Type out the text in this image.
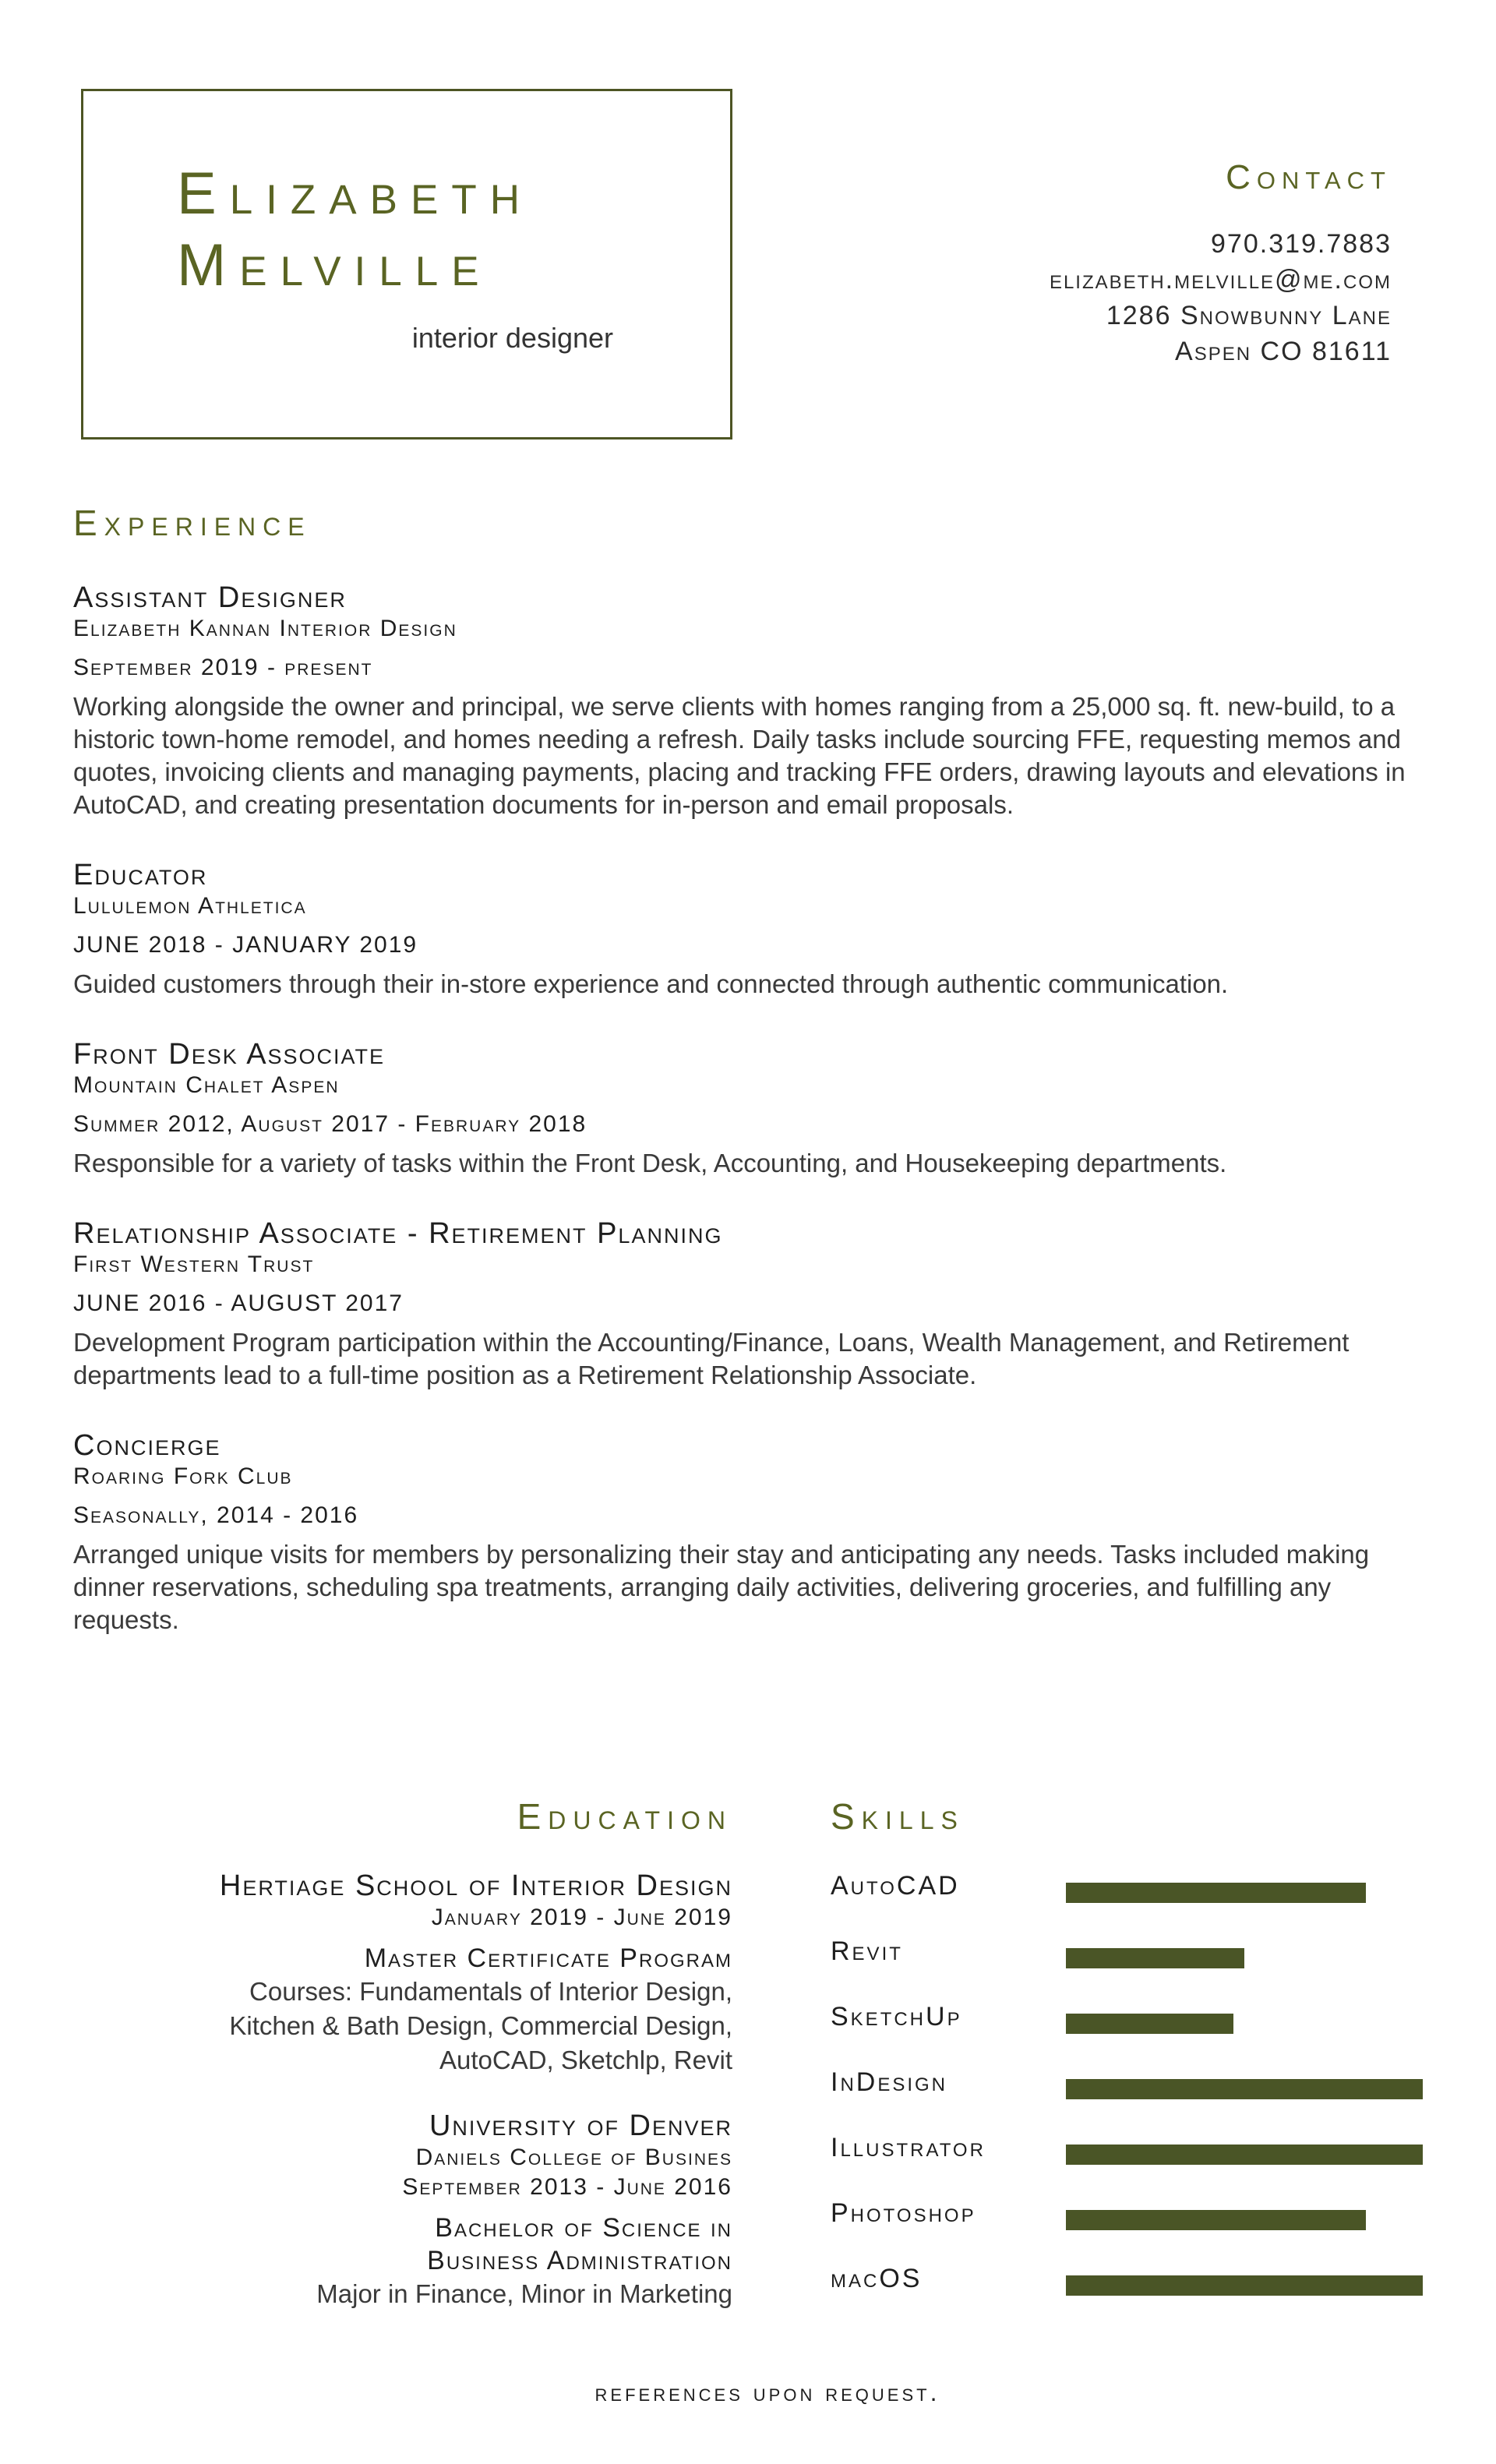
Elizabeth
Melville
interior designer
Contact
970.319.7883
elizabeth.melville@me.com
1286 Snowbunny Lane
Aspen CO 81611
Experience
Assistant Designer
Elizabeth Kannan Interior Design
September 2019 - present
Working alongside the owner and principal, we serve clients with homes ranging from a 25,000 sq. ft. new-build, to a historic town-home remodel, and homes needing a refresh. Daily tasks include sourcing FFE, requesting memos and quotes, invoicing clients and managing payments, placing and tracking FFE orders, drawing layouts and elevations in AutoCAD, and creating presentation documents for in-person and email proposals.
Educator
Lululemon Athletica
JUNE 2018 - JANUARY 2019
Guided customers through their in-store experience and connected through authentic communication.
Front Desk Associate
Mountain Chalet Aspen
Summer 2012, August 2017 - February 2018
Responsible for a variety of tasks within the Front Desk, Accounting, and Housekeeping departments.
Relationship Associate - Retirement Planning
First Western Trust
JUNE 2016 - AUGUST 2017
Development Program participation within the Accounting/Finance, Loans, Wealth Management, and Retirement departments lead to a full-time position as a Retirement Relationship Associate.
Concierge
Roaring Fork Club
Seasonally, 2014 - 2016
Arranged unique visits for members by personalizing their stay and anticipating any needs. Tasks included making dinner reservations, scheduling spa treatments, arranging daily activities, delivering groceries, and fulfilling any requests.
Education
Hertiage School of Interior Design
January 2019 - June 2019
Master Certificate Program
Courses: Fundamentals of Interior Design,
Kitchen & Bath Design, Commercial Design,
AutoCAD, Sketchlp, Revit
University of Denver
Daniels College of Busines
September 2013 - June 2016
Bachelor of Science in
Business Administration
Major in Finance, Minor in Marketing
Skills
AutoCAD
Revit
SketchUp
InDesign
Illustrator
Photoshop
macOS
references upon request.
